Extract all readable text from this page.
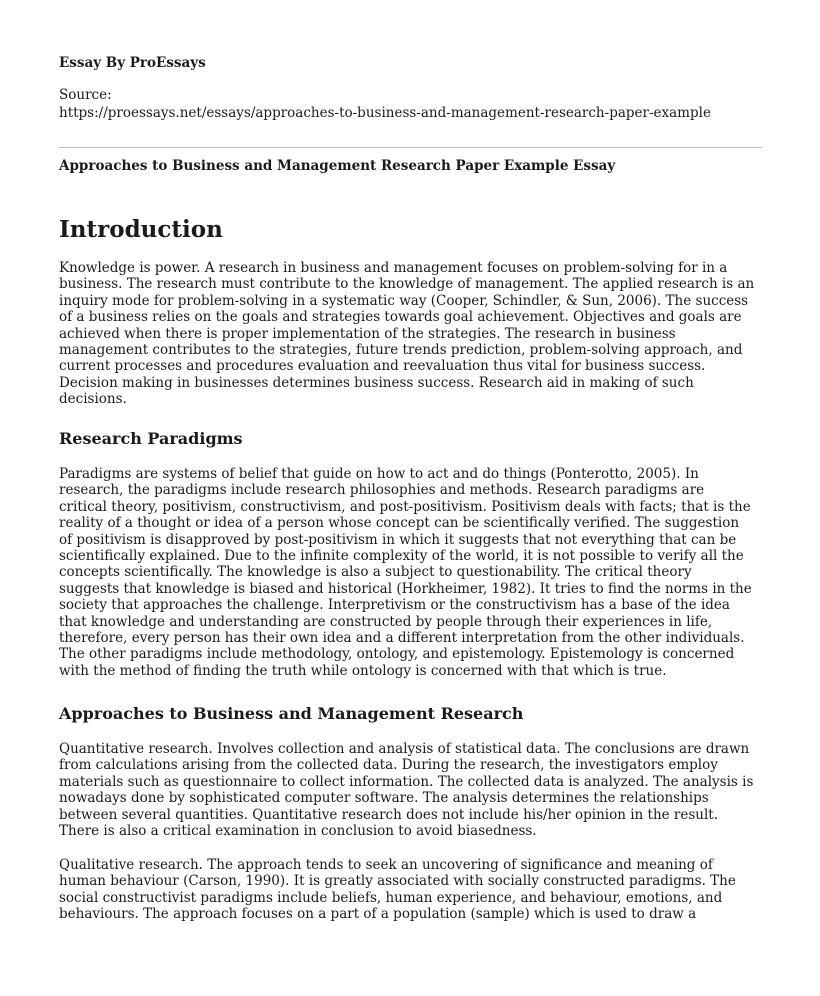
Essay By ProEssays
Source:
https://proessays.net/essays/approaches-to-business-and-management-research-paper-example
Approaches to Business and Management Research Paper Example Essay
Introduction

Knowledge is power. A research in business and management focuses on problem-solving for in a
business. The research must contribute to the knowledge of management. The applied research is an
inquiry mode for problem-solving in a systematic way (Cooper, Schindler, & Sun, 2006). The success
of a business relies on the goals and strategies towards goal achievement. Objectives and goals are
achieved when there is proper implementation of the strategies. The research in business
management contributes to the strategies, future trends prediction, problem-solving approach, and
current processes and procedures evaluation and reevaluation thus vital for business success.
Decision making in businesses determines business success. Research aid in making of such
decisions.

Research Paradigms

Paradigms are systems of belief that guide on how to act and do things (Ponterotto, 2005). In
research, the paradigms include research philosophies and methods. Research paradigms are
critical theory, positivism, constructivism, and post-positivism. Positivism deals with facts; that is the
reality of a thought or idea of a person whose concept can be scientifically verified. The suggestion
of positivism is disapproved by post-positivism in which it suggests that not everything that can be
scientifically explained. Due to the infinite complexity of the world, it is not possible to verify all the
concepts scientifically. The knowledge is also a subject to questionability. The critical theory
suggests that knowledge is biased and historical (Horkheimer, 1982). It tries to find the norms in the
society that approaches the challenge. Interpretivism or the constructivism has a base of the idea
that knowledge and understanding are constructed by people through their experiences in life,
therefore, every person has their own idea and a different interpretation from the other individuals.
The other paradigms include methodology, ontology, and epistemology. Epistemology is concerned
with the method of finding the truth while ontology is concerned with that which is true.

Approaches to Business and Management Research

Quantitative research. Involves collection and analysis of statistical data. The conclusions are drawn
from calculations arising from the collected data. During the research, the investigators employ
materials such as questionnaire to collect information. The collected data is analyzed. The analysis is
nowadays done by sophisticated computer software. The analysis determines the relationships
between several quantities. Quantitative research does not include his/her opinion in the result.
There is also a critical examination in conclusion to avoid biasedness.

Qualitative research. The approach tends to seek an uncovering of significance and meaning of
human behaviour (Carson, 1990). It is greatly associated with socially constructed paradigms. The
social constructivist paradigms include beliefs, human experience, and behaviour, emotions, and
behaviours. The approach focuses on a part of a population (sample) which is used to draw a
